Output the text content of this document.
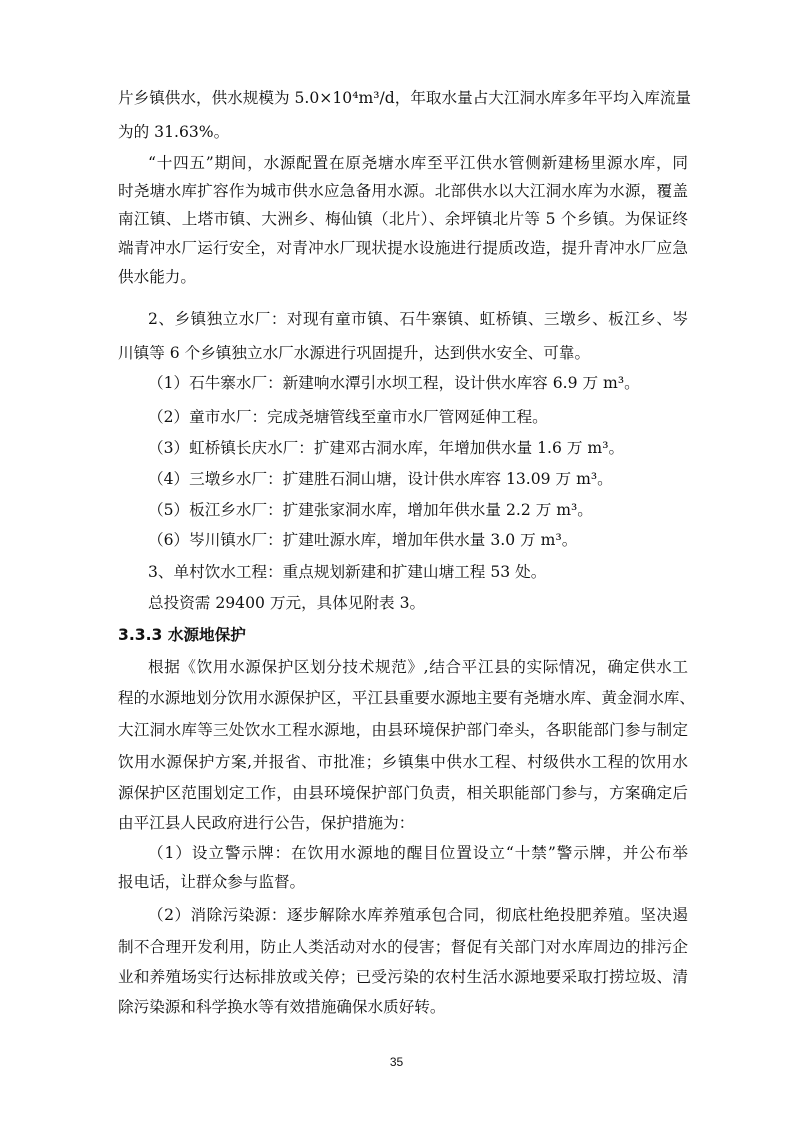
片乡镇供水，供水规模为 5.0×10⁴m³/d，年取水量占大江洞水库多年平均入库流量
为的 31.63%。
“十四五”期间，水源配置在原尧塘水库至平江供水管侧新建杨里源水库，同
时尧塘水库扩容作为城市供水应急备用水源。北部供水以大江洞水库为水源，覆盖
南江镇、上塔市镇、大洲乡、梅仙镇（北片）、余坪镇北片等 5 个乡镇。为保证终
端青冲水厂运行安全，对青冲水厂现状提水设施进行提质改造，提升青冲水厂应急
供水能力。
2、乡镇独立水厂：对现有童市镇、石牛寨镇、虹桥镇、三墩乡、板江乡、岑
川镇等 6 个乡镇独立水厂水源进行巩固提升，达到供水安全、可靠。
（1）石牛寨水厂：新建响水潭引水坝工程，设计供水库容 6.9 万 m³。
（2）童市水厂：完成尧塘管线至童市水厂管网延伸工程。
（3）虹桥镇长庆水厂：扩建邓古洞水库，年增加供水量 1.6 万 m³。
（4）三墩乡水厂：扩建胜石洞山塘，设计供水库容 13.09 万 m³。
（5）板江乡水厂：扩建张家洞水库，增加年供水量 2.2 万 m³。
（6）岑川镇水厂：扩建吐源水库，增加年供水量 3.0 万 m³。
3、单村饮水工程：重点规划新建和扩建山塘工程 53 处。
总投资需 29400 万元，具体见附表 3。
3.3.3 水源地保护
根据《饮用水源保护区划分技术规范》,结合平江县的实际情况，确定供水工
程的水源地划分饮用水源保护区，平江县重要水源地主要有尧塘水库、黄金洞水库、
大江洞水库等三处饮水工程水源地，由县环境保护部门牵头，各职能部门参与制定
饮用水源保护方案,并报省、市批准；乡镇集中供水工程、村级供水工程的饮用水
源保护区范围划定工作，由县环境保护部门负责，相关职能部门参与，方案确定后
由平江县人民政府进行公告，保护措施为：
（1）设立警示牌：在饮用水源地的醒目位置设立“十禁”警示牌，并公布举
报电话，让群众参与监督。
（2）消除污染源：逐步解除水库养殖承包合同，彻底杜绝投肥养殖。坚决遏
制不合理开发利用，防止人类活动对水的侵害；督促有关部门对水库周边的排污企
业和养殖场实行达标排放或关停；已受污染的农村生活水源地要采取打捞垃圾、清
除污染源和科学换水等有效措施确保水质好转。
35
